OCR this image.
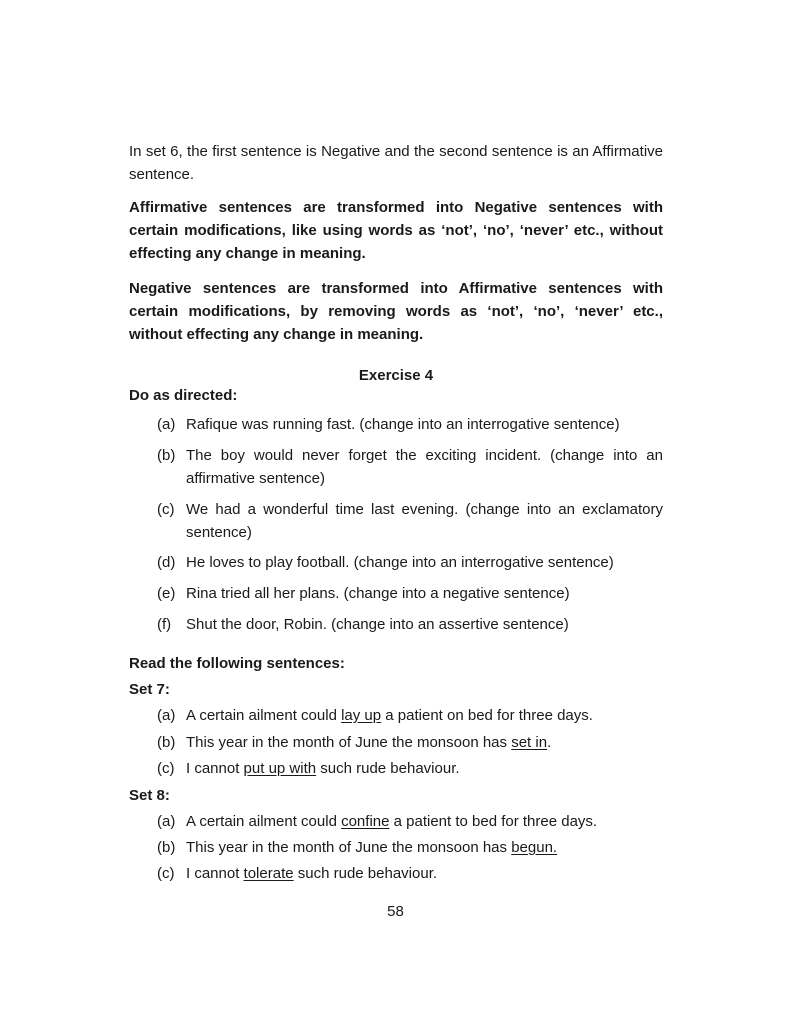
In set 6, the first sentence is Negative and the second sentence is an Affirmative sentence.

Affirmative sentences are transformed into Negative sentences with certain modifications, like using words as ‘not’, ‘no’, ‘never’ etc., without effecting any change in meaning.

Negative sentences are transformed into Affirmative sentences with certain modifications, by removing words as ‘not’, ‘no’, ‘never’ etc., without effecting any change in meaning.

Exercise 4
Do as directed:
(a) Rafique was running fast. (change into an interrogative sentence)
(b) The boy would never forget the exciting incident. (change into an affirmative sentence)
(c) We had a wonderful time last evening. (change into an exclamatory sentence)
(d) He loves to play football. (change into an interrogative sentence)
(e) Rina tried all her plans. (change into a negative sentence)
(f) Shut the door, Robin. (change into an assertive sentence)
Read the following sentences:
Set 7:
(a) A certain ailment could lay up a patient on bed for three days.
(b) This year in the month of June the monsoon has set in.
(c) I cannot put up with such rude behaviour.
Set 8:
(a) A certain ailment could confine a patient to bed for three days.
(b) This year in the month of June the monsoon has begun.
(c) I cannot tolerate such rude behaviour.
58
